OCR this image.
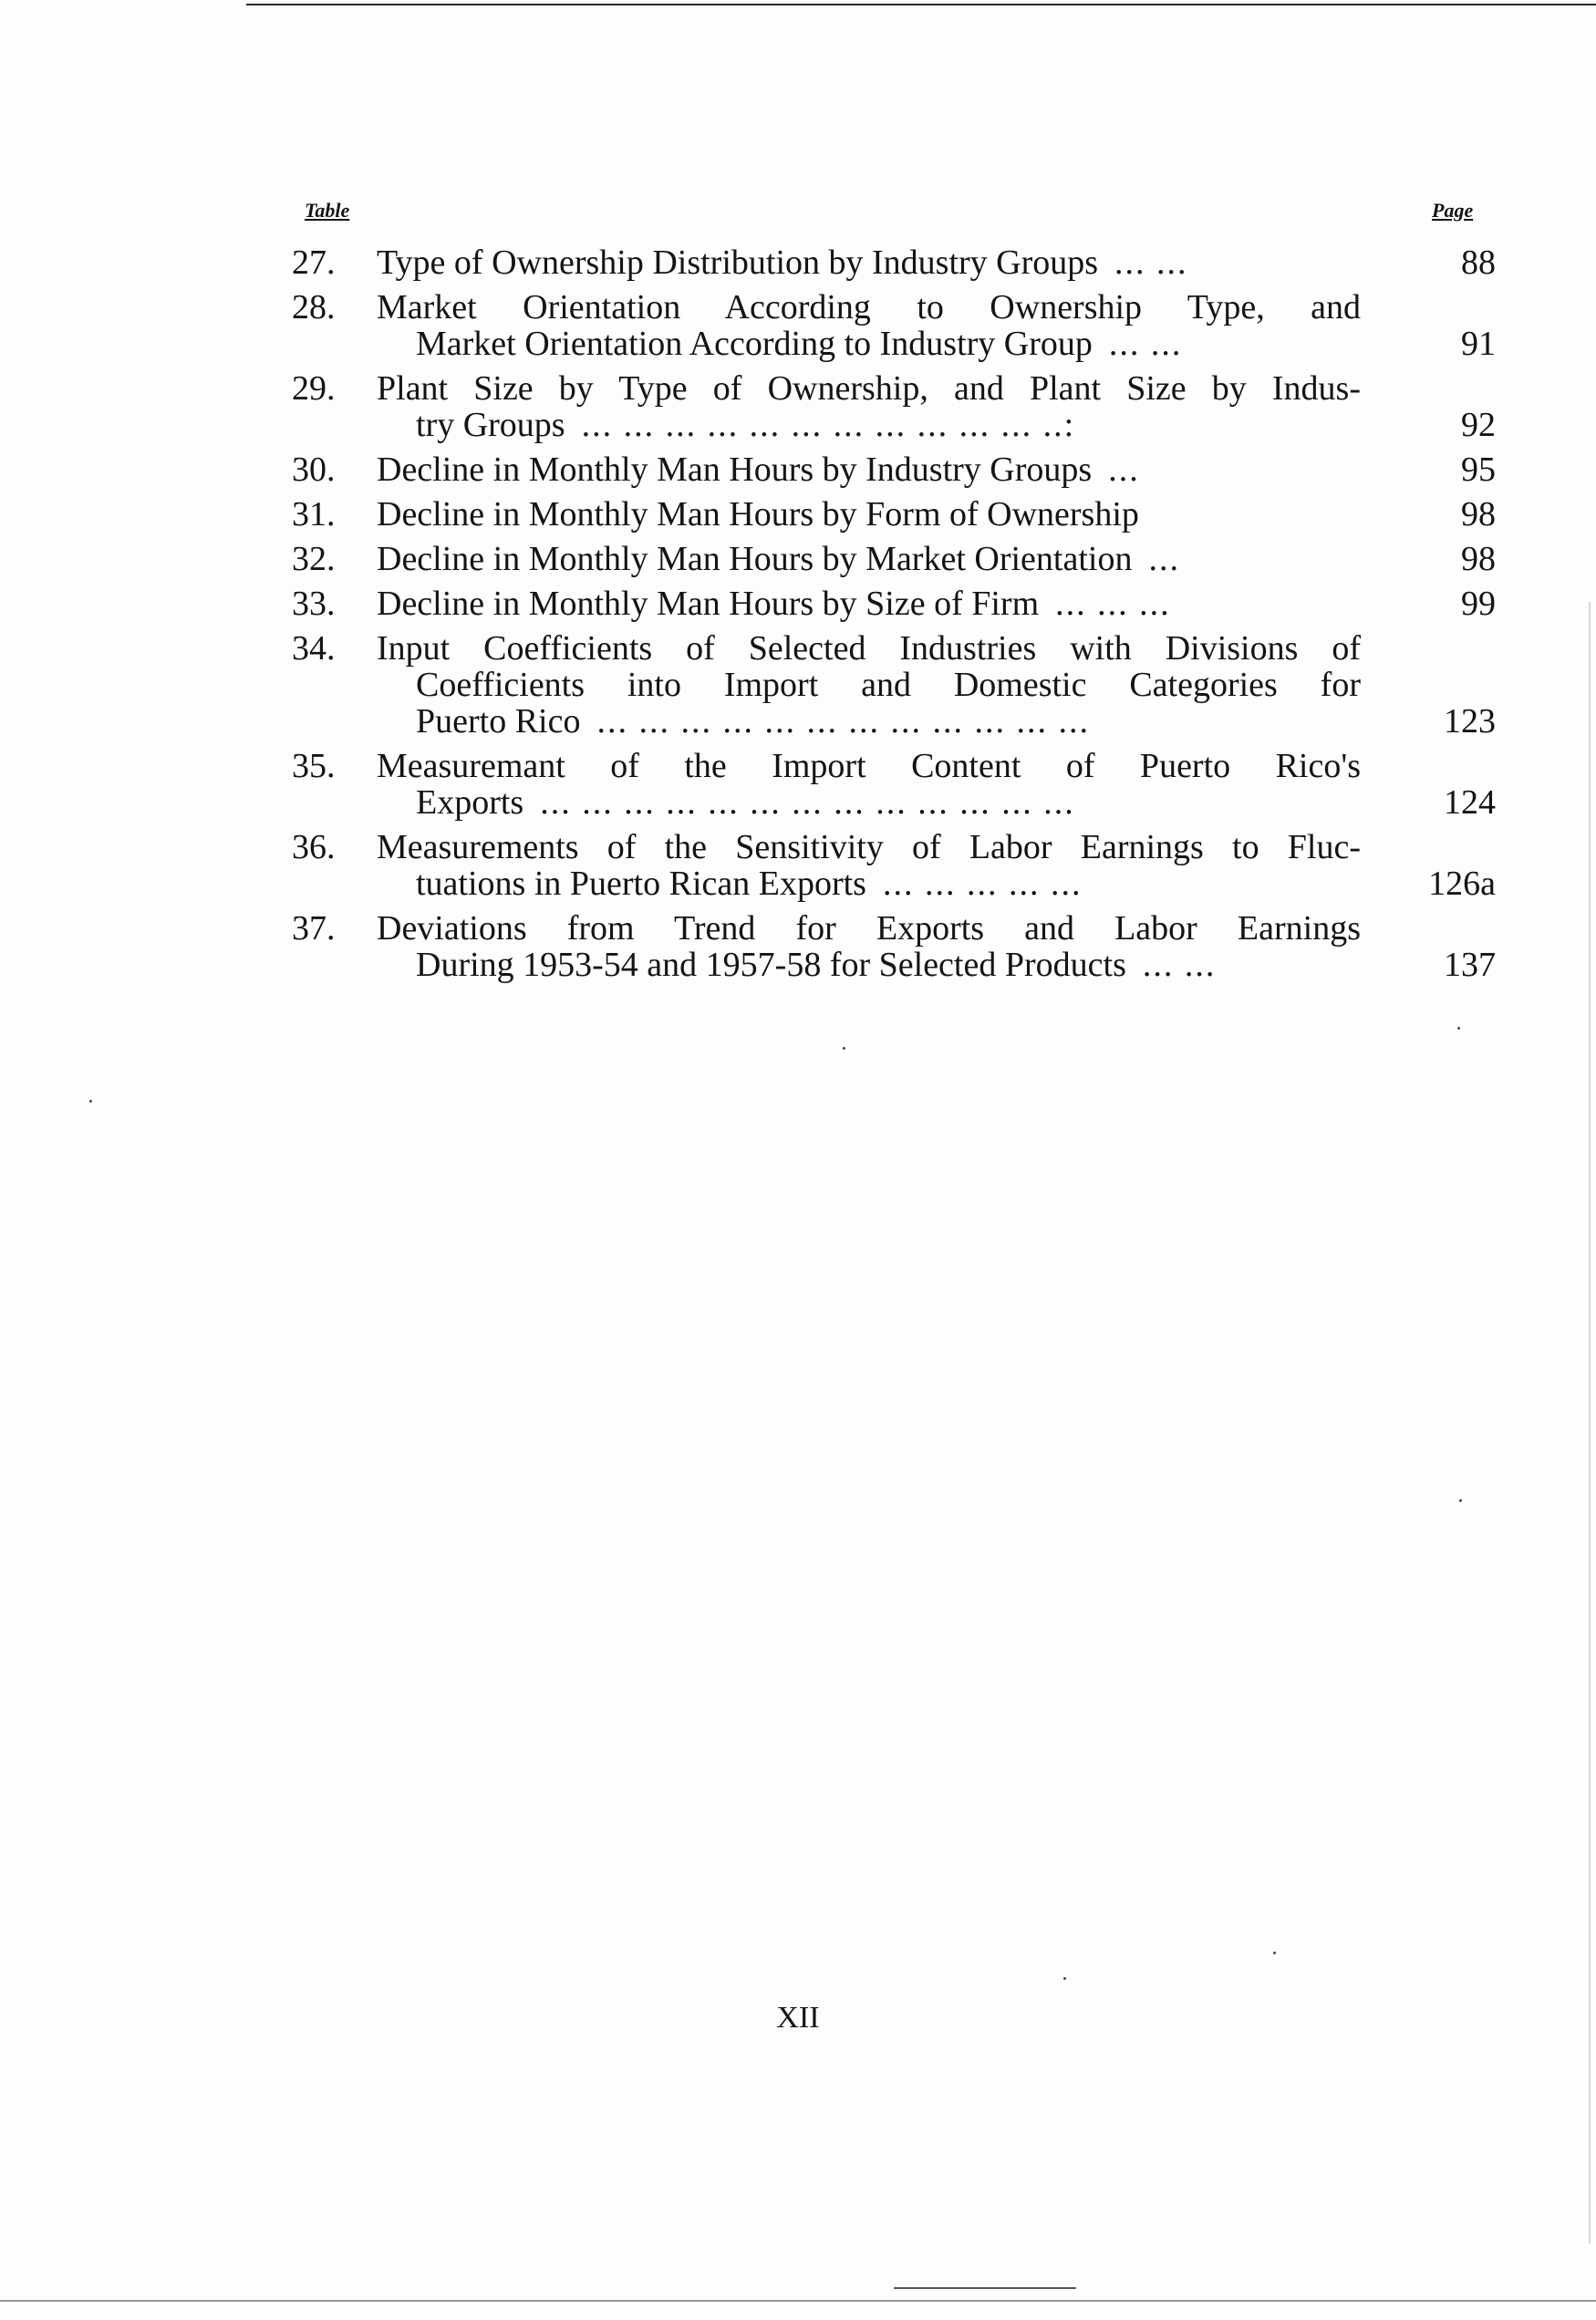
Table	Page
27.	Type of Ownership Distribution by Industry Groups ... ...	88
28.	Market Orientation According to Ownership Type, and
Market Orientation According to Industry Group ... ...	91
29.	Plant Size by Type of Ownership, and Plant Size by Indus-
try Groups ... ... ... ... ... ... ... ... ... ... ... ..:	92
30.	Decline in Monthly Man Hours by Industry Groups ...	95
31.	Decline in Monthly Man Hours by Form of Ownership	98
32.	Decline in Monthly Man Hours by Market Orientation ...	98
33.	Decline in Monthly Man Hours by Size of Firm ... ... ...	99
34.	Input Coefficients of Selected Industries with Divisions of
Coefficients into Import and Domestic Categories for
Puerto Rico ... ... ... ... ... ... ... ... ... ... ... ...	123
35.	Measuremant of the Import Content of Puerto Rico's
Exports ... ... ... ... ... ... ... ... ... ... ... ... ...	124
36.	Measurements of the Sensitivity of Labor Earnings to Fluc-
tuations in Puerto Rican Exports ... ... ... ... ...	126a
37.	Deviations from Trend for Exports and Labor Earnings
During 1953-54 and 1957-58 for Selected Products ... ...	137
XII
